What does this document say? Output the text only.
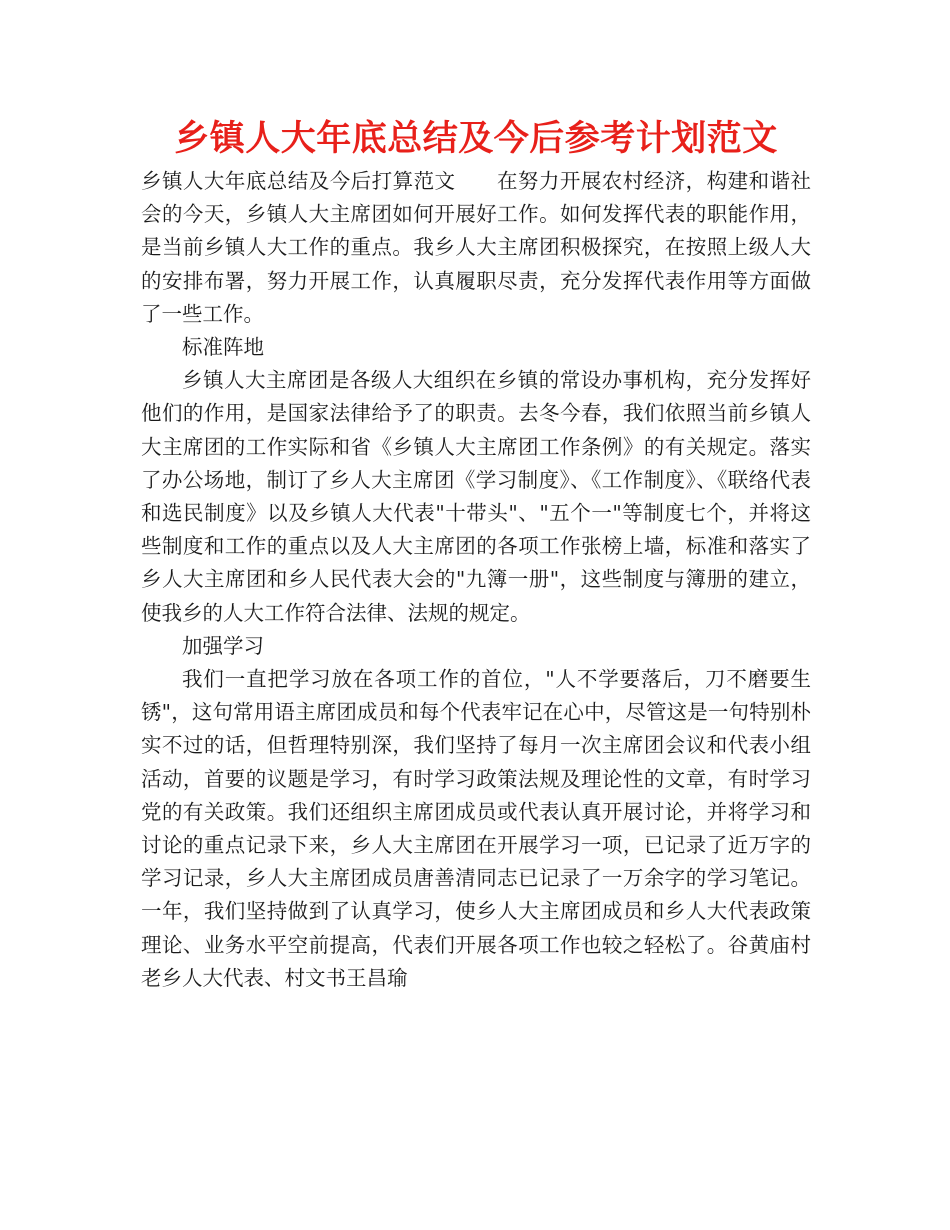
乡镇人大年底总结及今后参考计划范文

乡镇人大年底总结及今后打算范文 在努力开展农村经济，构建和谐社会的今天，乡镇人大主席团如何开展好工作。如何发挥代表的职能作用，是当前乡镇人大工作的重点。我乡人大主席团积极探究，在按照上级人大的安排布署，努力开展工作，认真履职尽责，充分发挥代表作用等方面做了一些工作。

标准阵地

乡镇人大主席团是各级人大组织在乡镇的常设办事机构，充分发挥好他们的作用，是国家法律给予了的职责。去冬今春，我们依照当前乡镇人大主席团的工作实际和省《乡镇人大主席团工作条例》的有关规定。落实了办公场地，制订了乡人大主席团《学习制度》、《工作制度》、《联络代表和选民制度》以及乡镇人大代表"十带头"、"五个一"等制度七个，并将这些制度和工作的重点以及人大主席团的各项工作张榜上墙，标准和落实了乡人大主席团和乡人民代表大会的"九簿一册"，这些制度与簿册的建立，使我乡的人大工作符合法律、法规的规定。

加强学习

我们一直把学习放在各项工作的首位，"人不学要落后，刀不磨要生锈"，这句常用语主席团成员和每个代表牢记在心中，尽管这是一句特别朴实不过的话，但哲理特别深，我们坚持了每月一次主席团会议和代表小组活动，首要的议题是学习，有时学习政策法规及理论性的文章，有时学习党的有关政策。我们还组织主席团成员或代表认真开展讨论，并将学习和讨论的重点记录下来，乡人大主席团在开展学习一项，已记录了近万字的学习记录，乡人大主席团成员唐善清同志已记录了一万余字的学习笔记。一年，我们坚持做到了认真学习，使乡人大主席团成员和乡人大代表政策理论、业务水平空前提高，代表们开展各项工作也较之轻松了。谷黄庙村老乡人大代表、村文书王昌瑜
